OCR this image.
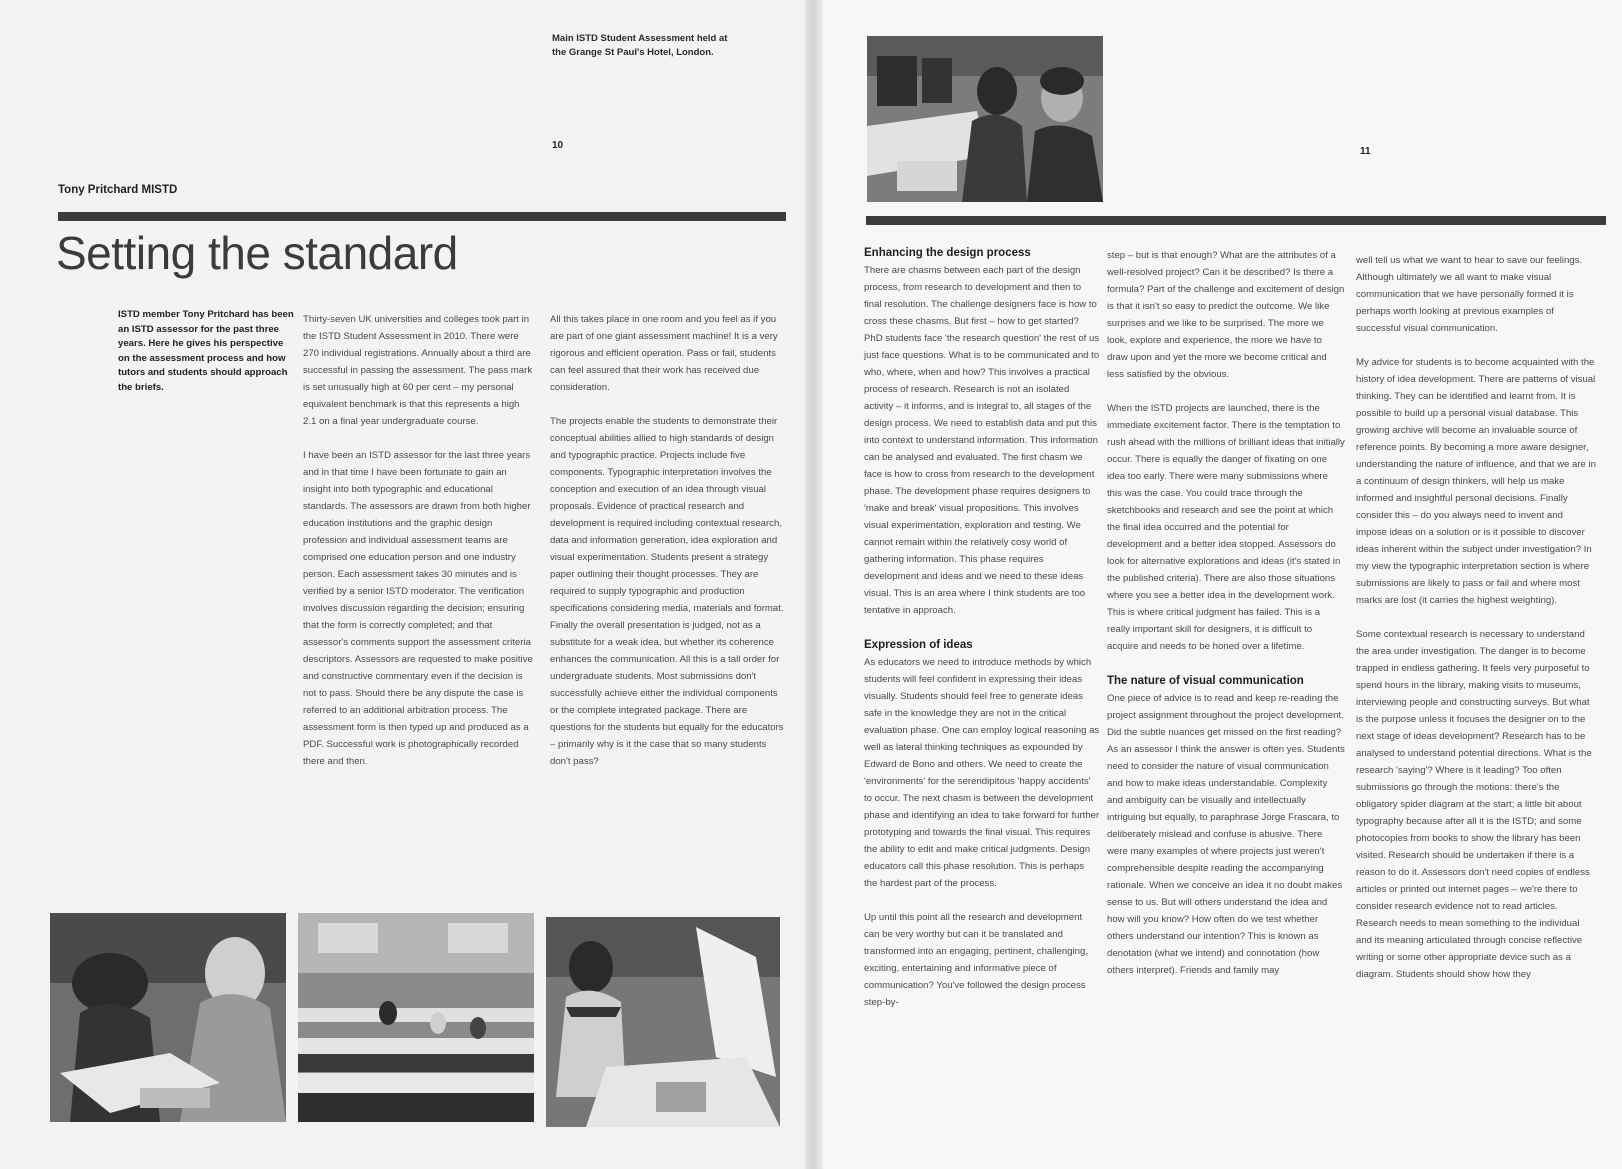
Main ISTD Student Assessment held at the Grange St Paul's Hotel, London.
10
Tony Pritchard MISTD
Setting the standard
ISTD member Tony Pritchard has been an ISTD assessor for the past three years. Here he gives his perspective on the assessment process and how tutors and students should approach the briefs.

Thirty-seven UK universities and colleges took part in the ISTD Student Assessment in 2010. There were 270 individual registrations. Annually about a third are successful in passing the assessment. The pass mark is set unusually high at 60 per cent – my personal equivalent benchmark is that this represents a high 2.1 on a final year undergraduate course.

I have been an ISTD assessor for the last three years and in that time I have been fortunate to gain an insight into both typographic and educational standards. The assessors are drawn from both higher education institutions and the graphic design profession and individual assessment teams are comprised one education person and one industry person. Each assessment takes 30 minutes and is verified by a senior ISTD moderator. The verification involves discussion regarding the decision; ensuring that the form is correctly completed; and that assessor's comments support the assessment criteria descriptors. Assessors are requested to make positive and constructive commentary even if the decision is not to pass. Should there be any dispute the case is referred to an additional arbitration process. The assessment form is then typed up and produced as a PDF. Successful work is photographically recorded there and then.

All this takes place in one room and you feel as if you are part of one giant assessment machine! It is a very rigorous and efficient operation. Pass or fail, students can feel assured that their work has received due consideration.

The projects enable the students to demonstrate their conceptual abilities allied to high standards of design and typographic practice. Projects include five components. Typographic interpretation involves the conception and execution of an idea through visual proposals. Evidence of practical research and development is required including contextual research, data and information generation, idea exploration and visual experimentation. Students present a strategy paper outlining their thought processes. They are required to supply typographic and production specifications considering media, materials and format. Finally the overall presentation is judged, not as a substitute for a weak idea, but whether its coherence enhances the communication. All this is a tall order for undergraduate students. Most submissions don't successfully achieve either the individual components or the complete integrated package. There are questions for the students but equally for the educators – primarily why is it the case that so many students don't pass?

11
Enhancing the design process

There are chasms between each part of the design process, from research to development and then to final resolution. The challenge designers face is how to cross these chasms. But first – how to get started? PhD students face 'the research question' the rest of us just face questions. What is to be communicated and to who, where, when and how? This involves a practical process of research. Research is not an isolated activity – it informs, and is integral to, all stages of the design process. We need to establish data and put this into context to understand information. This information can be analysed and evaluated. The first chasm we face is how to cross from research to the development phase. The development phase requires designers to 'make and break' visual propositions. This involves visual experimentation, exploration and testing. We cannot remain within the relatively cosy world of gathering information. This phase requires development and ideas and we need to these ideas visual. This is an area where I think students are too tentative in approach.

Expression of ideas

As educators we need to introduce methods by which students will feel confident in expressing their ideas visually. Students should feel free to generate ideas safe in the knowledge they are not in the critical evaluation phase. One can employ logical reasoning as well as lateral thinking techniques as expounded by Edward de Bono and others. We need to create the 'environments' for the serendipitous 'happy accidents' to occur. The next chasm is between the development phase and identifying an idea to take forward for further prototyping and towards the final visual. This requires the ability to edit and make critical judgments. Design educators call this phase resolution. This is perhaps the hardest part of the process.

Up until this point all the research and development can be very worthy but can it be translated and transformed into an engaging, pertinent, challenging, exciting, entertaining and informative piece of communication? You've followed the design process step-by-

step – but is that enough? What are the attributes of a well-resolved project? Can it be described? Is there a formula? Part of the challenge and excitement of design is that it isn't so easy to predict the outcome. We like surprises and we like to be surprised. The more we look, explore and experience, the more we have to draw upon and yet the more we become critical and less satisfied by the obvious.

When the ISTD projects are launched, there is the immediate excitement factor. There is the temptation to rush ahead with the millions of brilliant ideas that initially occur. There is equally the danger of fixating on one idea too early. There were many submissions where this was the case. You could trace through the sketchbooks and research and see the point at which the final idea occurred and the potential for development and a better idea stopped. Assessors do look for alternative explorations and ideas (it's stated in the published criteria). There are also those situations where you see a better idea in the development work. This is where critical judgment has failed. This is a really important skill for designers, it is difficult to acquire and needs to be honed over a lifetime.

The nature of visual communication

One piece of advice is to read and keep re-reading the project assignment throughout the project development. Did the subtle nuances get missed on the first reading? As an assessor I think the answer is often yes. Students need to consider the nature of visual communication and how to make ideas understandable. Complexity and ambiguity can be visually and intellectually intriguing but equally, to paraphrase Jorge Frascara, to deliberately mislead and confuse is abusive. There were many examples of where projects just weren't comprehensible despite reading the accompanying rationale. When we conceive an idea it no doubt makes sense to us. But will others understand the idea and how will you know? How often do we test whether others understand our intention? This is known as denotation (what we intend) and connotation (how others interpret). Friends and family may

well tell us what we want to hear to save our feelings. Although ultimately we all want to make visual communication that we have personally formed it is perhaps worth looking at previous examples of successful visual communication.

My advice for students is to become acquainted with the history of idea development. There are patterns of visual thinking. They can be identified and learnt from. It is possible to build up a personal visual database. This growing archive will become an invaluable source of reference points. By becoming a more aware designer, understanding the nature of influence, and that we are in a continuum of design thinkers, will help us make informed and insightful personal decisions. Finally consider this – do you always need to invent and impose ideas on a solution or is it possible to discover ideas inherent within the subject under investigation? In my view the typographic interpretation section is where submissions are likely to pass or fail and where most marks are lost (it carries the highest weighting).

Some contextual research is necessary to understand the area under investigation. The danger is to become trapped in endless gathering. It feels very purposeful to spend hours in the library, making visits to museums, interviewing people and constructing surveys. But what is the purpose unless it focuses the designer on to the next stage of ideas development? Research has to be analysed to understand potential directions. What is the research 'saying'? Where is it leading? Too often submissions go through the motions: there's the obligatory spider diagram at the start; a little bit about typography because after all it is the ISTD; and some photocopies from books to show the library has been visited. Research should be undertaken if there is a reason to do it. Assessors don't need copies of endless articles or printed out internet pages – we're there to consider research evidence not to read articles. Research needs to mean something to the individual and its meaning articulated through concise reflective writing or some other appropriate device such as a diagram. Students should show how they
